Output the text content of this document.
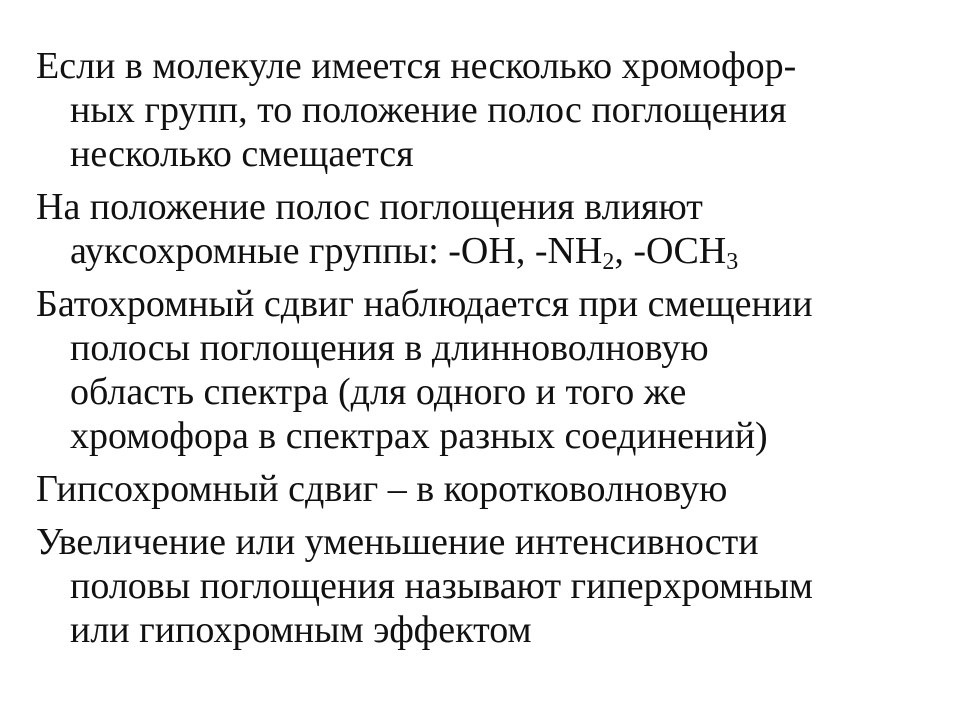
Если в молекуле имеется несколько хромофор-
ных групп, то положение полос поглощения
несколько смещается

На положение полос поглощения влияют
ауксохромные группы: -OH, $-NH_2$, $-OCH_3$

Батохромный сдвиг наблюдается при смещении
полосы поглощения в длинноволновую
область спектра (для одного и того же
хромофора в спектрах разных соединений)

Гипсохромный сдвиг – в коротковолновую

Увеличение или уменьшение интенсивности
половы поглощения называют гиперхромным
или гипохромным эффектом
